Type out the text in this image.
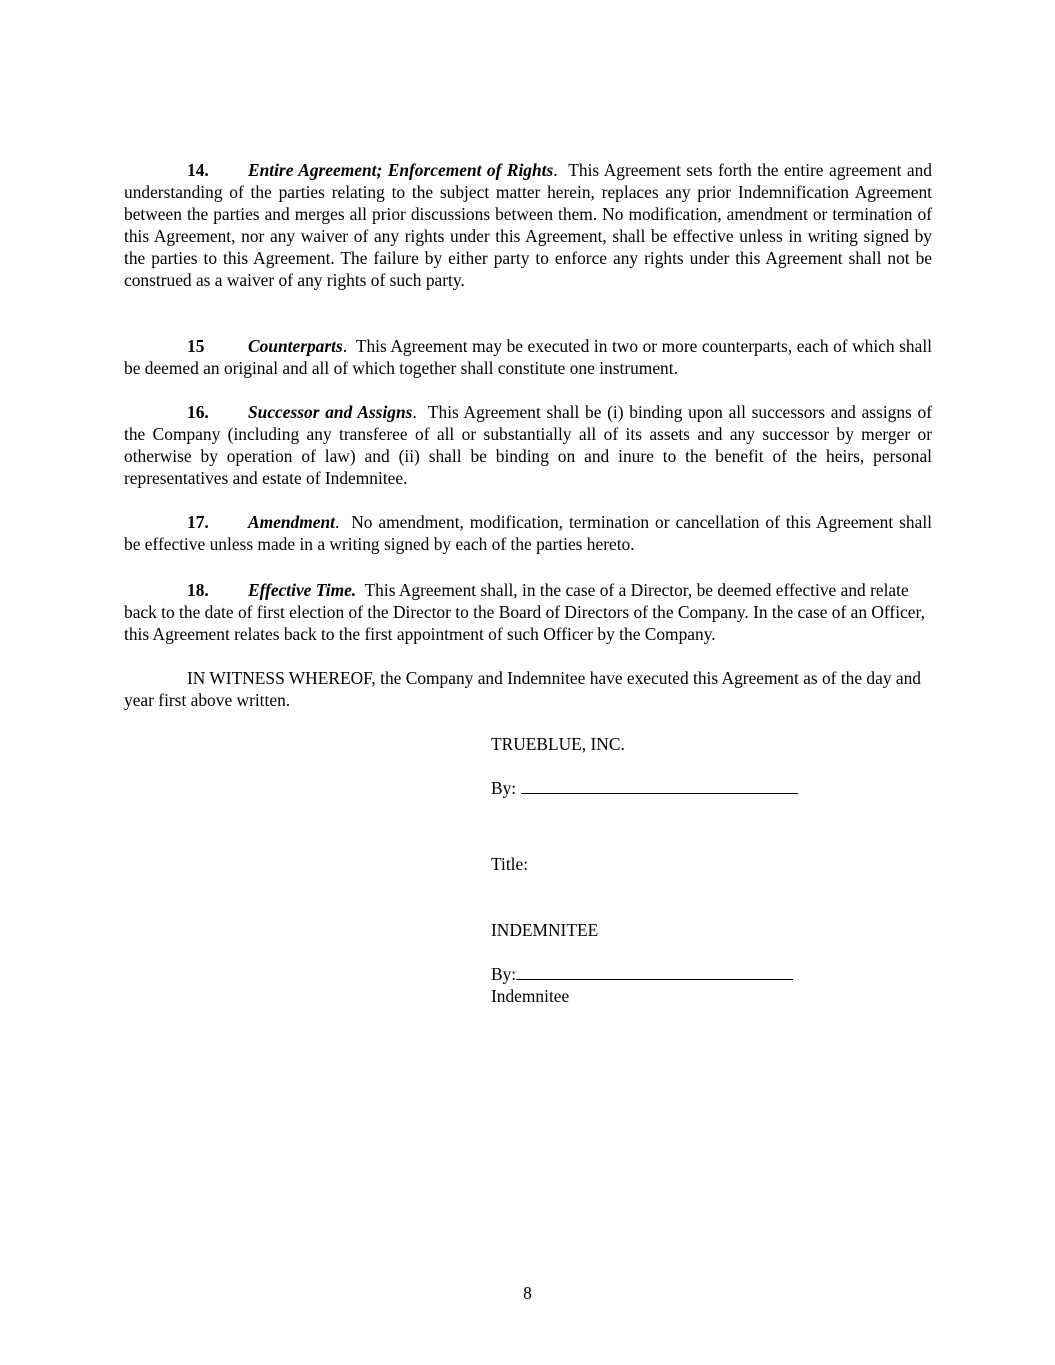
14. Entire Agreement; Enforcement of Rights. This Agreement sets forth the entire agreement and understanding of the parties relating to the subject matter herein, replaces any prior Indemnification Agreement between the parties and merges all prior discussions between them. No modification, amendment or termination of this Agreement, nor any waiver of any rights under this Agreement, shall be effective unless in writing signed by the parties to this Agreement. The failure by either party to enforce any rights under this Agreement shall not be construed as a waiver of any rights of such party.

15	Counterparts. This Agreement may be executed in two or more counterparts, each of which shall be deemed an original and all of which together shall constitute one instrument.

16. Successor and Assigns. This Agreement shall be (i) binding upon all successors and assigns of the Company (including any transferee of all or substantially all of its assets and any successor by merger or otherwise by operation of law) and (ii) shall be binding on and inure to the benefit of the heirs, personal representatives and estate of Indemnitee.

17. Amendment. No amendment, modification, termination or cancellation of this Agreement shall be effective unless made in a writing signed by each of the parties hereto.

18. Effective Time. This Agreement shall, in the case of a Director, be deemed effective and relate back to the date of first election of the Director to the Board of Directors of the Company. In the case of an Officer, this Agreement relates back to the first appointment of such Officer by the Company.

IN WITNESS WHEREOF, the Company and Indemnitee have executed this Agreement as of the day and year first above written.

TRUEBLUE, INC.
By:
Title:
INDEMNITEE
By:
Indemnitee
8
